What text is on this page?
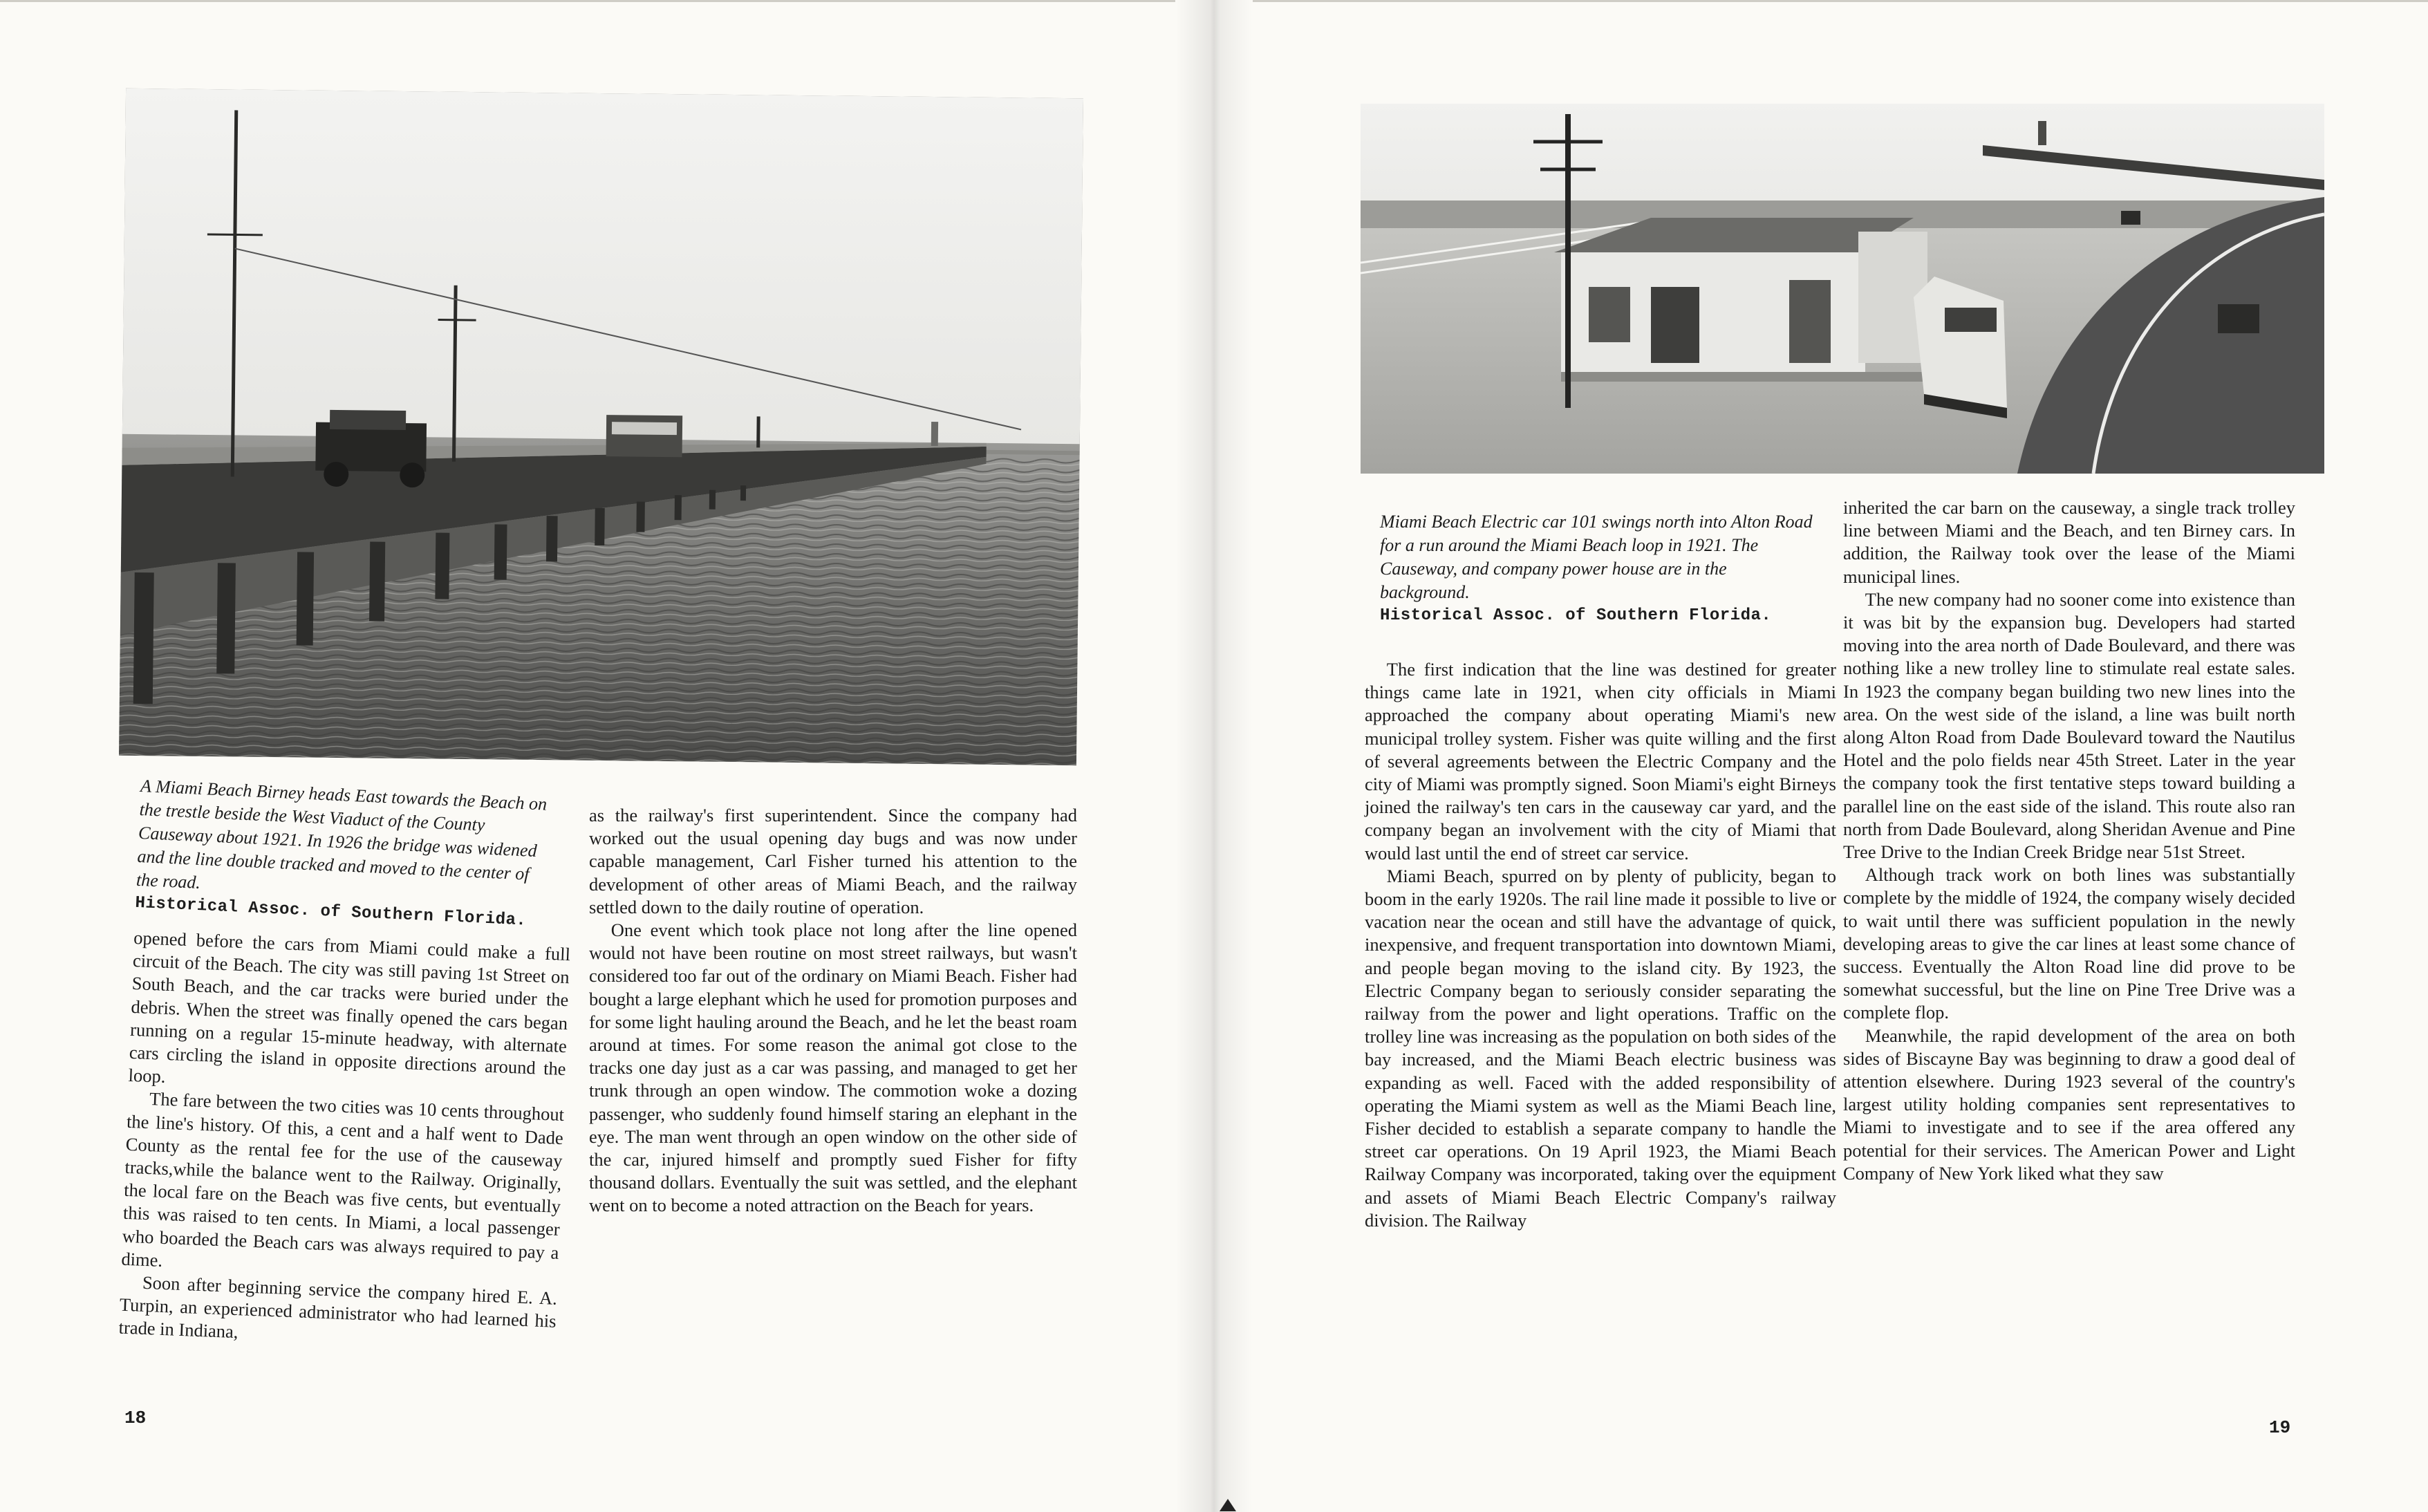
A Miami Beach Birney heads East towards the Beach on the trestle beside the West Viaduct of the County Causeway about 1921. In 1926 the bridge was widened and the line double tracked and moved to the center of the road.
Historical Assoc. of Southern Florida.

opened before the cars from Miami could make a full circuit of the Beach. The city was still paving 1st Street on South Beach, and the car tracks were buried under the debris. When the street was finally opened the cars began running on a regular 15-minute headway, with alternate cars circling the island in opposite directions around the loop.

The fare between the two cities was 10 cents throughout the line's history. Of this, a cent and a half went to Dade County as the rental fee for the use of the causeway tracks,while the balance went to the Railway. Originally, the local fare on the Beach was five cents, but eventually this was raised to ten cents. In Miami, a local passenger who boarded the Beach cars was always required to pay a dime.

Soon after beginning service the company hired E. A. Turpin, an experienced administrator who had learned his trade in Indiana,

as the railway's first superintendent. Since the company had worked out the usual opening day bugs and was now under capable management, Carl Fisher turned his attention to the development of other areas of Miami Beach, and the railway settled down to the daily routine of operation.

One event which took place not long after the line opened would not have been routine on most street railways, but wasn't considered too far out of the ordinary on Miami Beach. Fisher had bought a large elephant which he used for promotion purposes and for some light hauling around the Beach, and he let the beast roam around at times. For some reason the animal got close to the tracks one day just as a car was passing, and managed to get her trunk through an open window. The commotion woke a dozing passenger, who suddenly found himself staring an elephant in the eye. The man went through an open window on the other side of the car, injured himself and promptly sued Fisher for fifty thousand dollars. Eventually the suit was settled, and the elephant went on to become a noted attraction on the Beach for years.

18
Miami Beach Electric car 101 swings north into Alton Road for a run around the Miami Beach loop in 1921. The Causeway, and company power house are in the background.
Historical Assoc. of Southern Florida.

The first indication that the line was destined for greater things came late in 1921, when city officials in Miami approached the company about operating Miami's new municipal trolley system. Fisher was quite willing and the first of several agreements between the Electric Company and the city of Miami was promptly signed. Soon Miami's eight Birneys joined the railway's ten cars in the causeway car yard, and the company began an involvement with the city of Miami that would last until the end of street car service.

Miami Beach, spurred on by plenty of publicity, began to boom in the early 1920s. The rail line made it possible to live or vacation near the ocean and still have the advantage of quick, inexpensive, and frequent transportation into downtown Miami, and people began moving to the island city. By 1923, the Electric Company began to seriously consider separating the railway from the power and light operations. Traffic on the trolley line was increasing as the population on both sides of the bay increased, and the Miami Beach electric business was expanding as well. Faced with the added responsibility of operating the Miami system as well as the Miami Beach line, Fisher decided to establish a separate company to handle the street car operations. On 19 April 1923, the Miami Beach Railway Company was incorporated, taking over the equipment and assets of Miami Beach Electric Company's railway division. The Railway

inherited the car barn on the causeway, a single track trolley line between Miami and the Beach, and ten Birney cars. In addition, the Railway took over the lease of the Miami municipal lines.

The new company had no sooner come into existence than it was bit by the expansion bug. Developers had started moving into the area north of Dade Boulevard, and there was nothing like a new trolley line to stimulate real estate sales. In 1923 the company began building two new lines into the area. On the west side of the island, a line was built north along Alton Road from Dade Boulevard toward the Nautilus Hotel and the polo fields near 45th Street. Later in the year the company took the first tentative steps toward building a parallel line on the east side of the island. This route also ran north from Dade Boulevard, along Sheridan Avenue and Pine Tree Drive to the Indian Creek Bridge near 51st Street.

Although track work on both lines was substantially complete by the middle of 1924, the company wisely decided to wait until there was sufficient population in the newly developing areas to give the car lines at least some chance of success. Eventually the Alton Road line did prove to be somewhat successful, but the line on Pine Tree Drive was a complete flop.

Meanwhile, the rapid development of the area on both sides of Biscayne Bay was beginning to draw a good deal of attention elsewhere. During 1923 several of the country's largest utility holding companies sent representatives to Miami to investigate and to see if the area offered any potential for their services. The American Power and Light Company of New York liked what they saw

19
